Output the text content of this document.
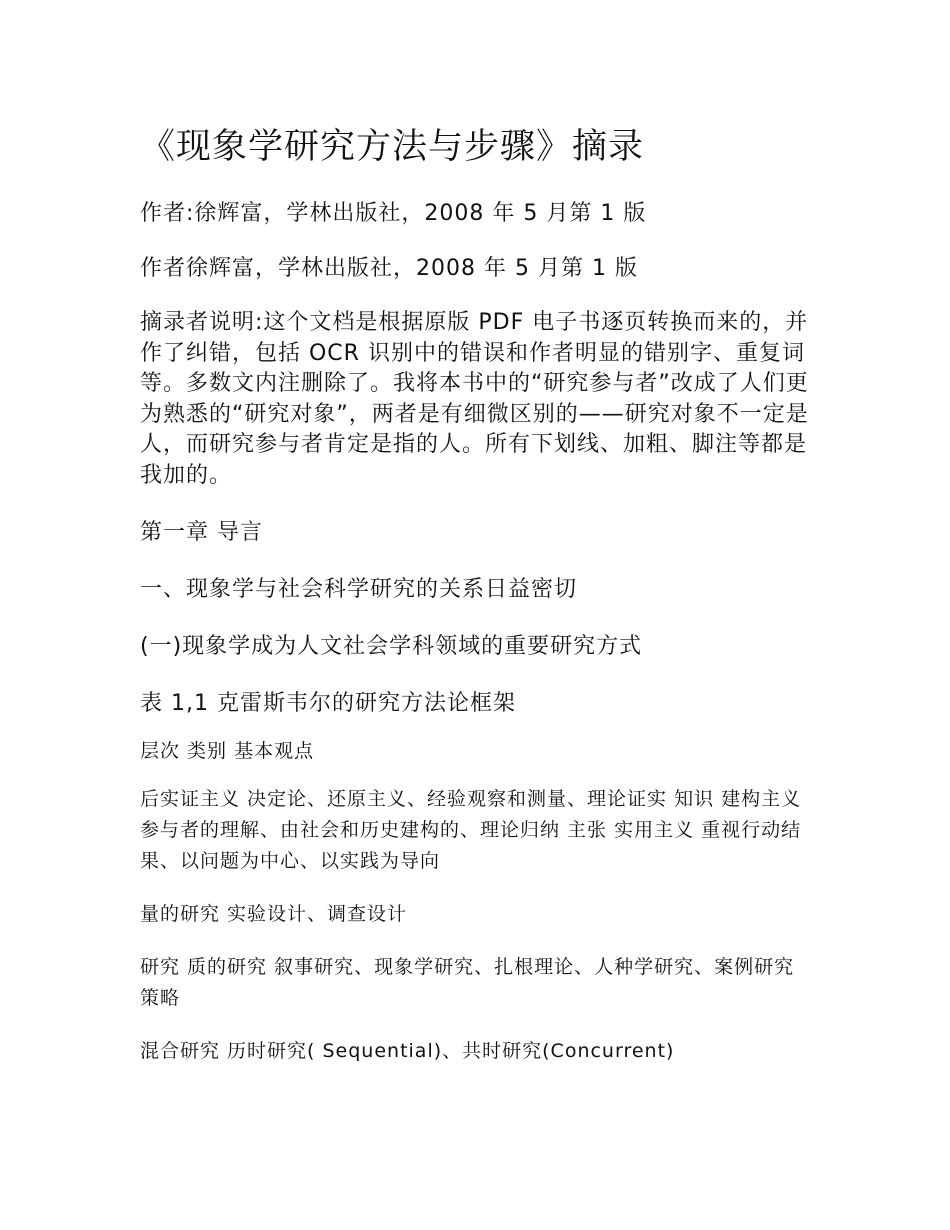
《现象学研究方法与步骤》摘录

作者:徐辉富，学林出版社，2008 年 5 月第 1 版

作者徐辉富，学林出版社，2008 年 5 月第 1 版

摘录者说明:这个文档是根据原版 PDF 电子书逐页转换而来的，并作了纠错，包括 OCR 识别中的错误和作者明显的错别字、重复词等。多数文内注删除了。我将本书中的“研究参与者”改成了人们更为熟悉的“研究对象”，两者是有细微区别的——研究对象不一定是人，而研究参与者肯定是指的人。所有下划线、加粗、脚注等都是我加的。

第一章 导言

一、现象学与社会科学研究的关系日益密切

(一)现象学成为人文社会学科领域的重要研究方式

表 1,1 克雷斯韦尔的研究方法论框架

层次 类别 基本观点

后实证主义 决定论、还原主义、经验观察和测量、理论证实 知识 建构主义 参与者的理解、由社会和历史建构的、理论归纳 主张 实用主义 重视行动结果、以问题为中心、以实践为导向

量的研究 实验设计、调查设计

研究 质的研究 叙事研究、现象学研究、扎根理论、人种学研究、案例研究 策略

混合研究 历时研究( Sequential)、共时研究(Concurrent)
